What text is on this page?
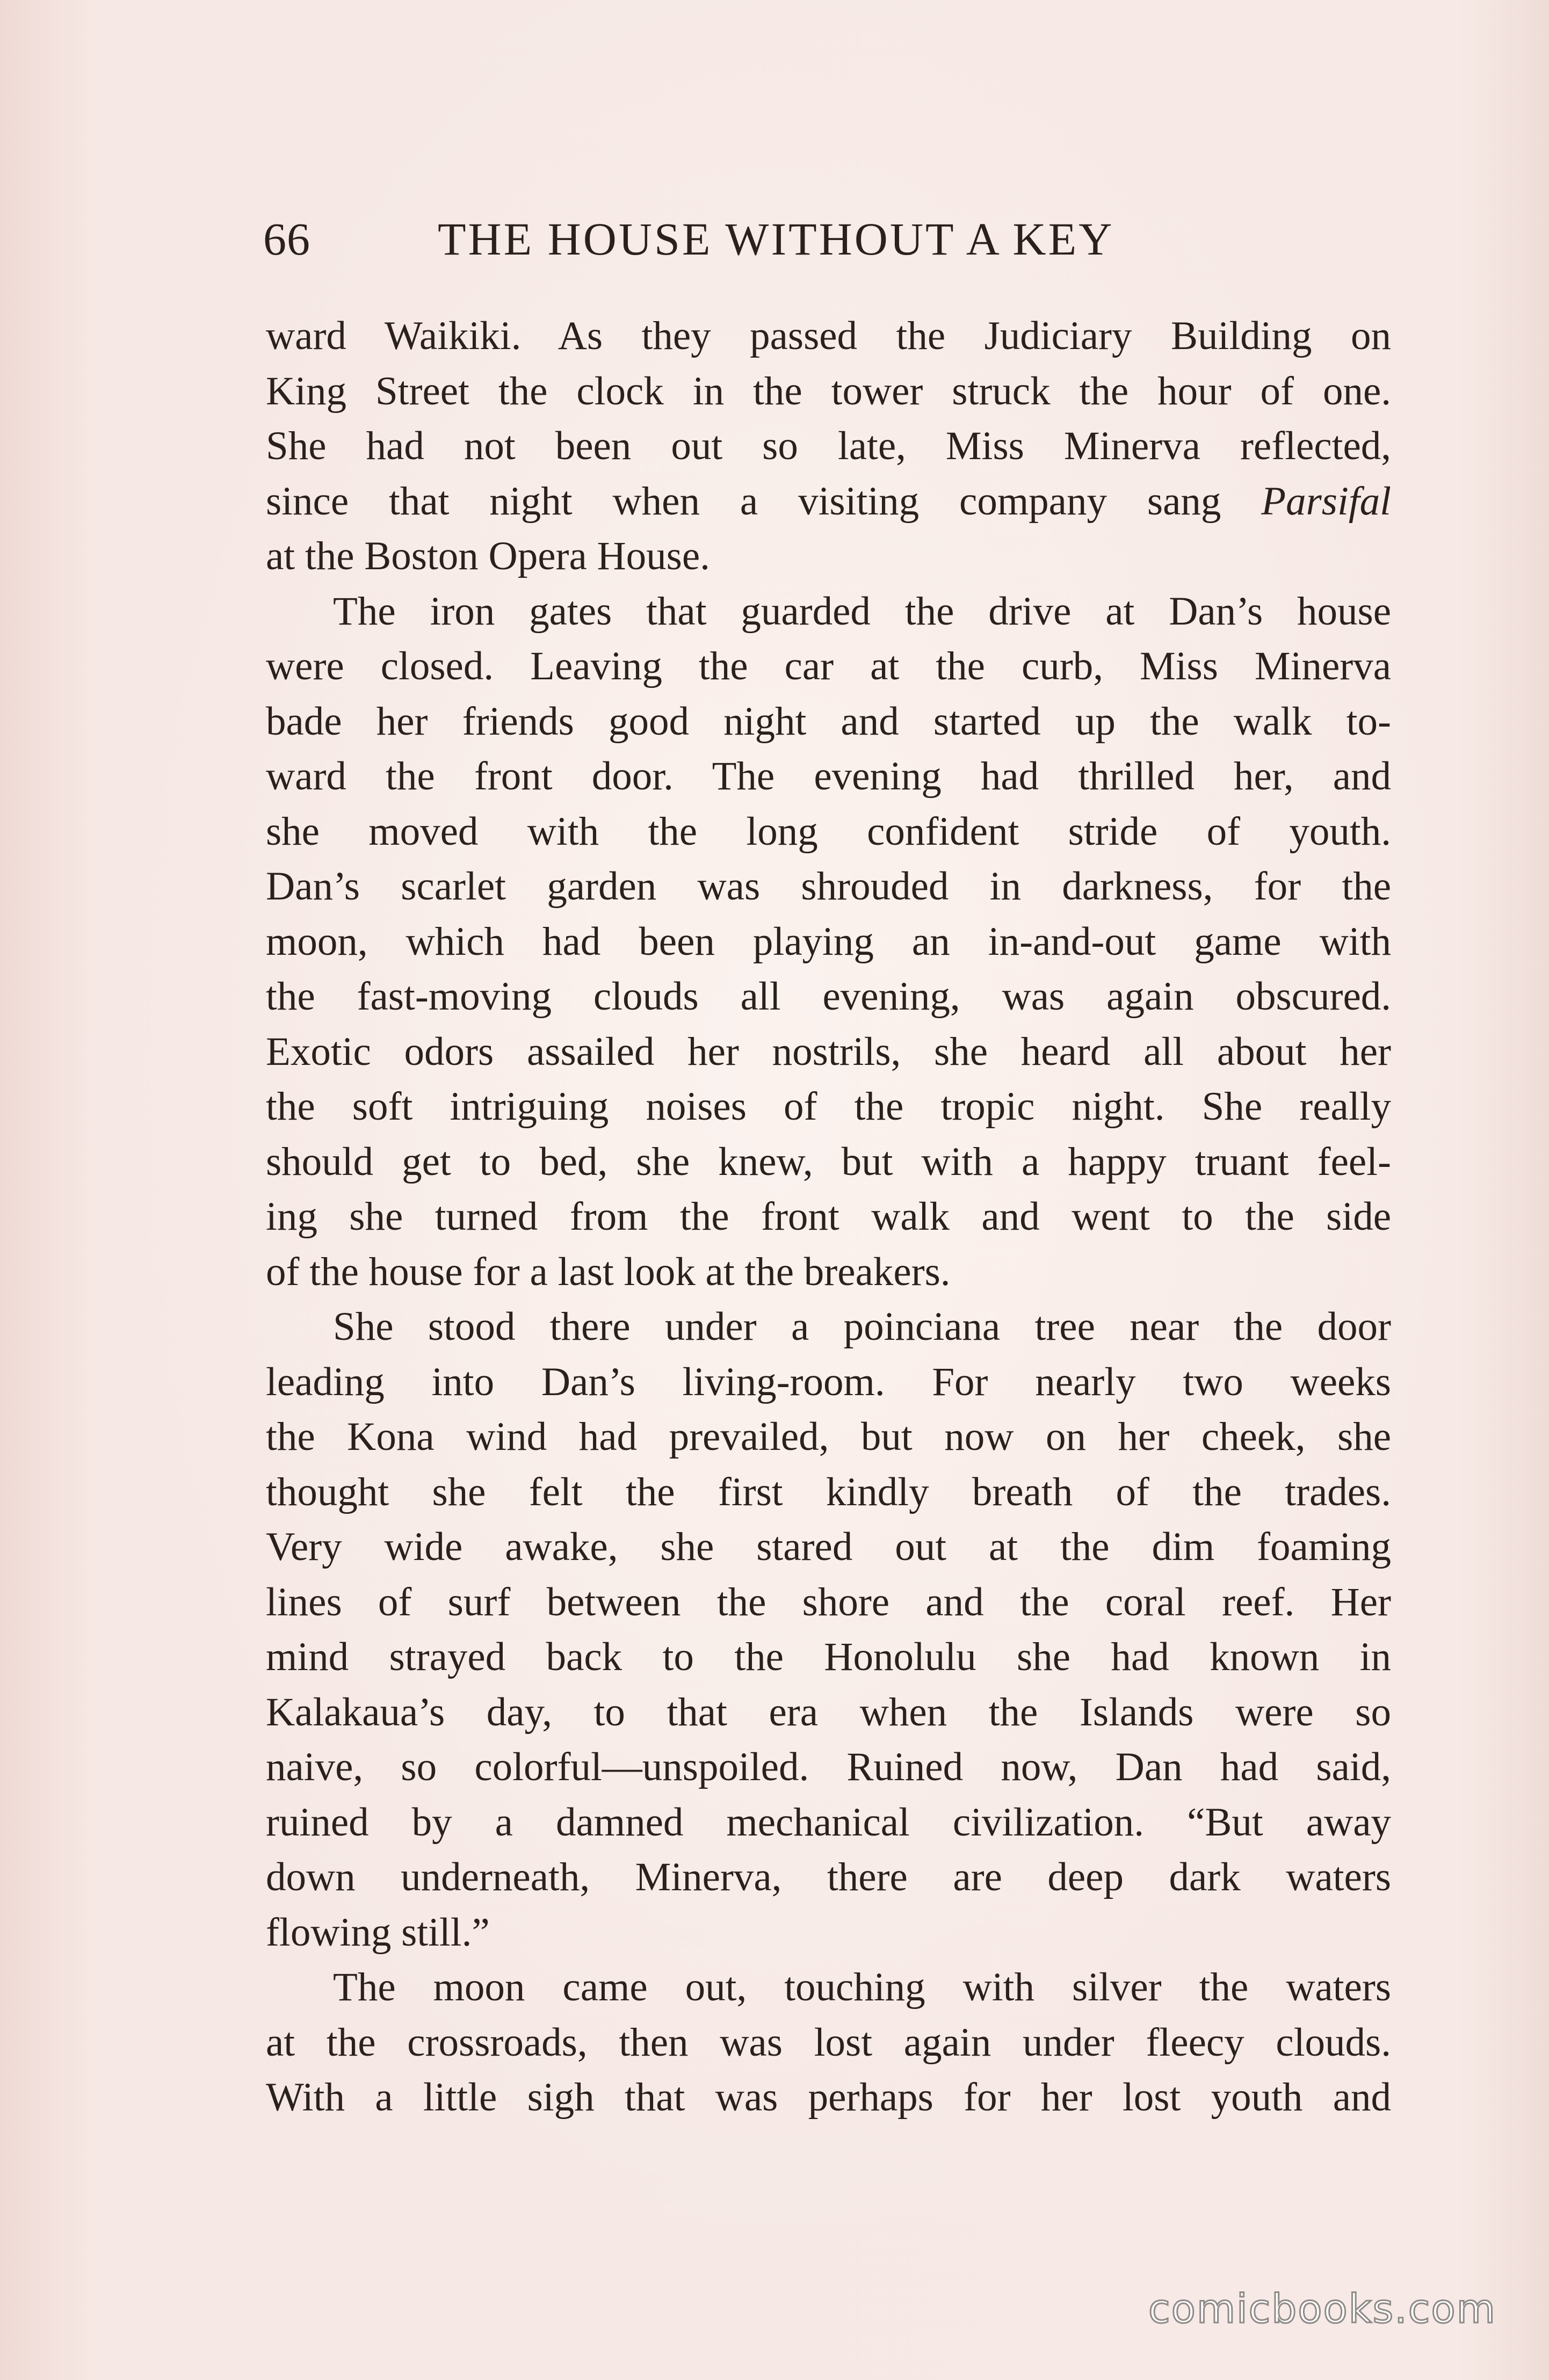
66	THE HOUSE WITHOUT A KEY
ward Waikiki. As they passed the Judiciary Building on
King Street the clock in the tower struck the hour of one.
She had not been out so late, Miss Minerva reflected,
since that night when a visiting company sang Parsifal
at the Boston Opera House.
The iron gates that guarded the drive at Dan’s house
were closed. Leaving the car at the curb, Miss Minerva
bade her friends good night and started up the walk to-
ward the front door. The evening had thrilled her, and
she moved with the long confident stride of youth.
Dan’s scarlet garden was shrouded in darkness, for the
moon, which had been playing an in-and-out game with
the fast-moving clouds all evening, was again obscured.
Exotic odors assailed her nostrils, she heard all about her
the soft intriguing noises of the tropic night. She really
should get to bed, she knew, but with a happy truant feel-
ing she turned from the front walk and went to the side
of the house for a last look at the breakers.
She stood there under a poinciana tree near the door
leading into Dan’s living-room. For nearly two weeks
the Kona wind had prevailed, but now on her cheek, she
thought she felt the first kindly breath of the trades.
Very wide awake, she stared out at the dim foaming
lines of surf between the shore and the coral reef. Her
mind strayed back to the Honolulu she had known in
Kalakaua’s day, to that era when the Islands were so
naive, so colorful—unspoiled. Ruined now, Dan had said,
ruined by a damned mechanical civilization. “But away
down underneath, Minerva, there are deep dark waters
flowing still.”
The moon came out, touching with silver the waters
at the crossroads, then was lost again under fleecy clouds.
With a little sigh that was perhaps for her lost youth and
comicbooks.com
